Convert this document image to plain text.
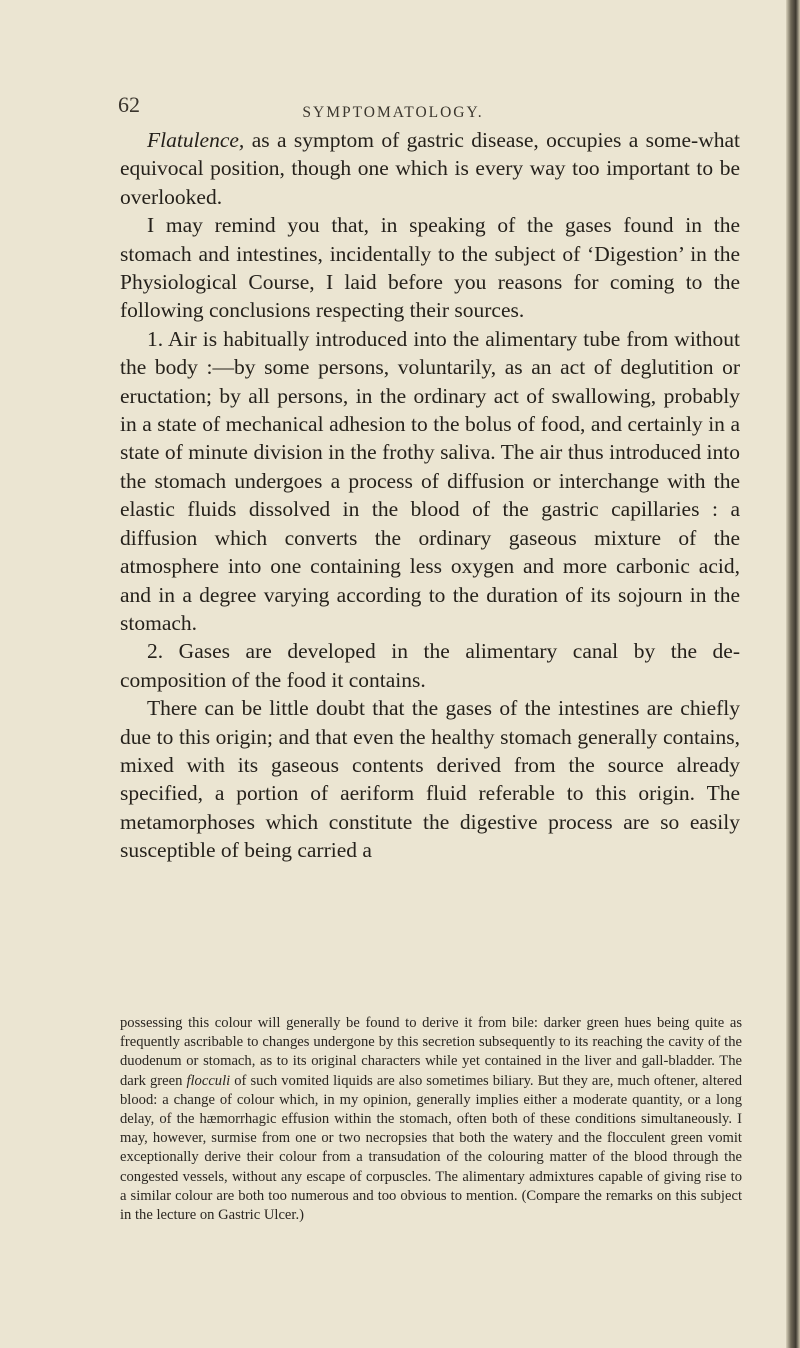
62	SYMPTOMATOLOGY.

Flatulence, as a symptom of gastric disease, occupies a some-what equivocal position, though one which is every way too important to be overlooked.

I may remind you that, in speaking of the gases found in the stomach and intestines, incidentally to the subject of ‘Digestion’ in the Physiological Course, I laid before you reasons for coming to the following conclusions respecting their sources.

1. Air is habitually introduced into the alimentary tube from without the body :—by some persons, voluntarily, as an act of deglutition or eructation; by all persons, in the ordinary act of swallowing, probably in a state of mechanical adhesion to the bolus of food, and certainly in a state of minute division in the frothy saliva. The air thus introduced into the stomach undergoes a process of diffusion or interchange with the elastic fluids dissolved in the blood of the gastric capillaries : a diffusion which converts the ordinary gaseous mixture of the atmosphere into one containing less oxygen and more carbonic acid, and in a degree varying according to the duration of its sojourn in the stomach.

2. Gases are developed in the alimentary canal by the de-composition of the food it contains.

There can be little doubt that the gases of the intestines are chiefly due to this origin; and that even the healthy stomach generally contains, mixed with its gaseous contents derived from the source already specified, a portion of aeriform fluid referable to this origin. The metamorphoses which constitute the digestive process are so easily susceptible of being carried a

possessing this colour will generally be found to derive it from bile: darker green hues being quite as frequently ascribable to changes undergone by this secretion subsequently to its reaching the cavity of the duodenum or stomach, as to its original characters while yet contained in the liver and gall-bladder. The dark green flocculi of such vomited liquids are also sometimes biliary. But they are, much oftener, altered blood: a change of colour which, in my opinion, generally implies either a moderate quantity, or a long delay, of the hæmorrhagic effusion within the stomach, often both of these conditions simultaneously. I may, however, surmise from one or two necropsies that both the watery and the flocculent green vomit exceptionally derive their colour from a transudation of the colouring matter of the blood through the congested vessels, without any escape of corpuscles. The alimentary admixtures capable of giving rise to a similar colour are both too numerous and too obvious to mention. (Compare the remarks on this subject in the lecture on Gastric Ulcer.)
